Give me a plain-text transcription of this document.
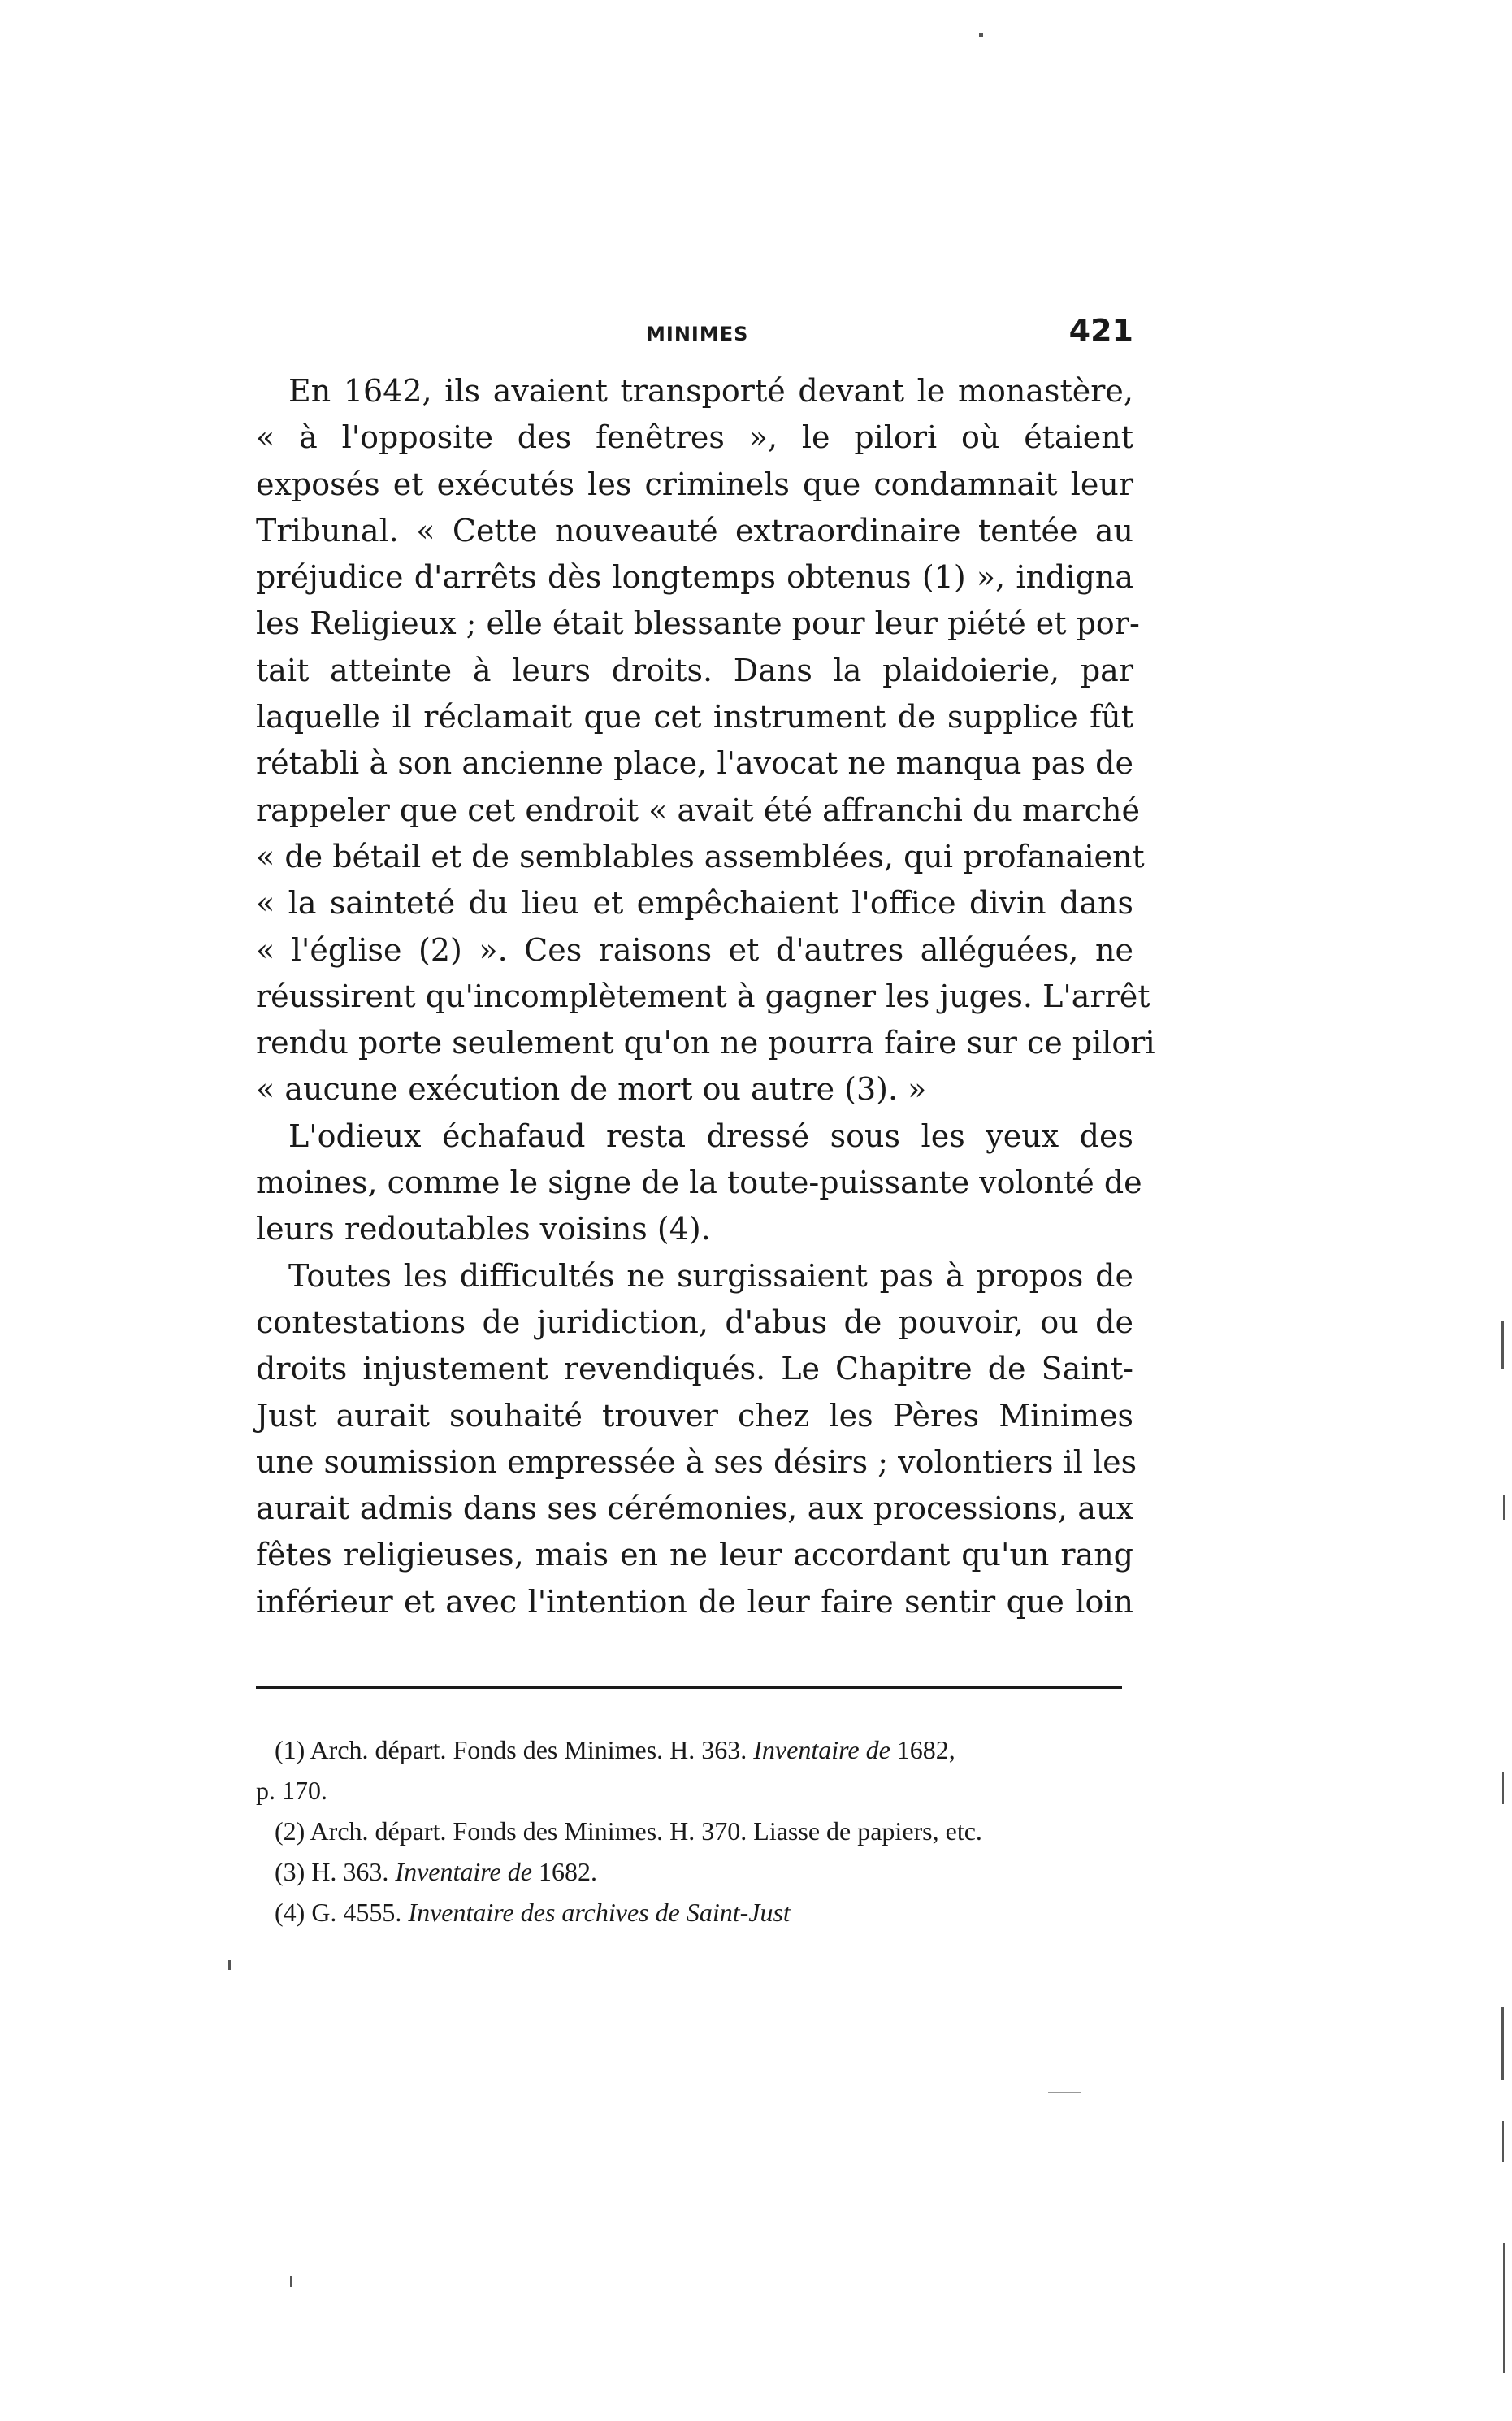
MINIMES	421
En 1642, ils avaient transporté devant le monastère,
« à l'opposite des fenêtres », le pilori où étaient
exposés et exécutés les criminels que condamnait leur
Tribunal. « Cette nouveauté extraordinaire tentée au
préjudice d'arrêts dès longtemps obtenus (1) », indigna
les Religieux ; elle était blessante pour leur piété et por-
tait atteinte à leurs droits. Dans la plaidoierie, par
laquelle il réclamait que cet instrument de supplice fût
rétabli à son ancienne place, l'avocat ne manqua pas de
rappeler que cet endroit « avait été affranchi du marché
« de bétail et de semblables assemblées, qui profanaient
« la sainteté du lieu et empêchaient l'office divin dans
« l'église (2) ». Ces raisons et d'autres alléguées, ne
réussirent qu'incomplètement à gagner les juges. L'arrêt
rendu porte seulement qu'on ne pourra faire sur ce pilori
« aucune exécution de mort ou autre (3). »
L'odieux échafaud resta dressé sous les yeux des
moines, comme le signe de la toute-puissante volonté de
leurs redoutables voisins (4).
Toutes les difficultés ne surgissaient pas à propos de
contestations de juridiction, d'abus de pouvoir, ou de
droits injustement revendiqués. Le Chapitre de Saint-
Just aurait souhaité trouver chez les Pères Minimes
une soumission empressée à ses désirs ; volontiers il les
aurait admis dans ses cérémonies, aux processions, aux
fêtes religieuses, mais en ne leur accordant qu'un rang
inférieur et avec l'intention de leur faire sentir que loin
(1) Arch. départ. Fonds des Minimes. H. 363. Inventaire de 1682,
p. 170.
(2) Arch. départ. Fonds des Minimes. H. 370. Liasse de papiers, etc.
(3) H. 363. Inventaire de 1682.
(4) G. 4555. Inventaire des archives de Saint-Just
